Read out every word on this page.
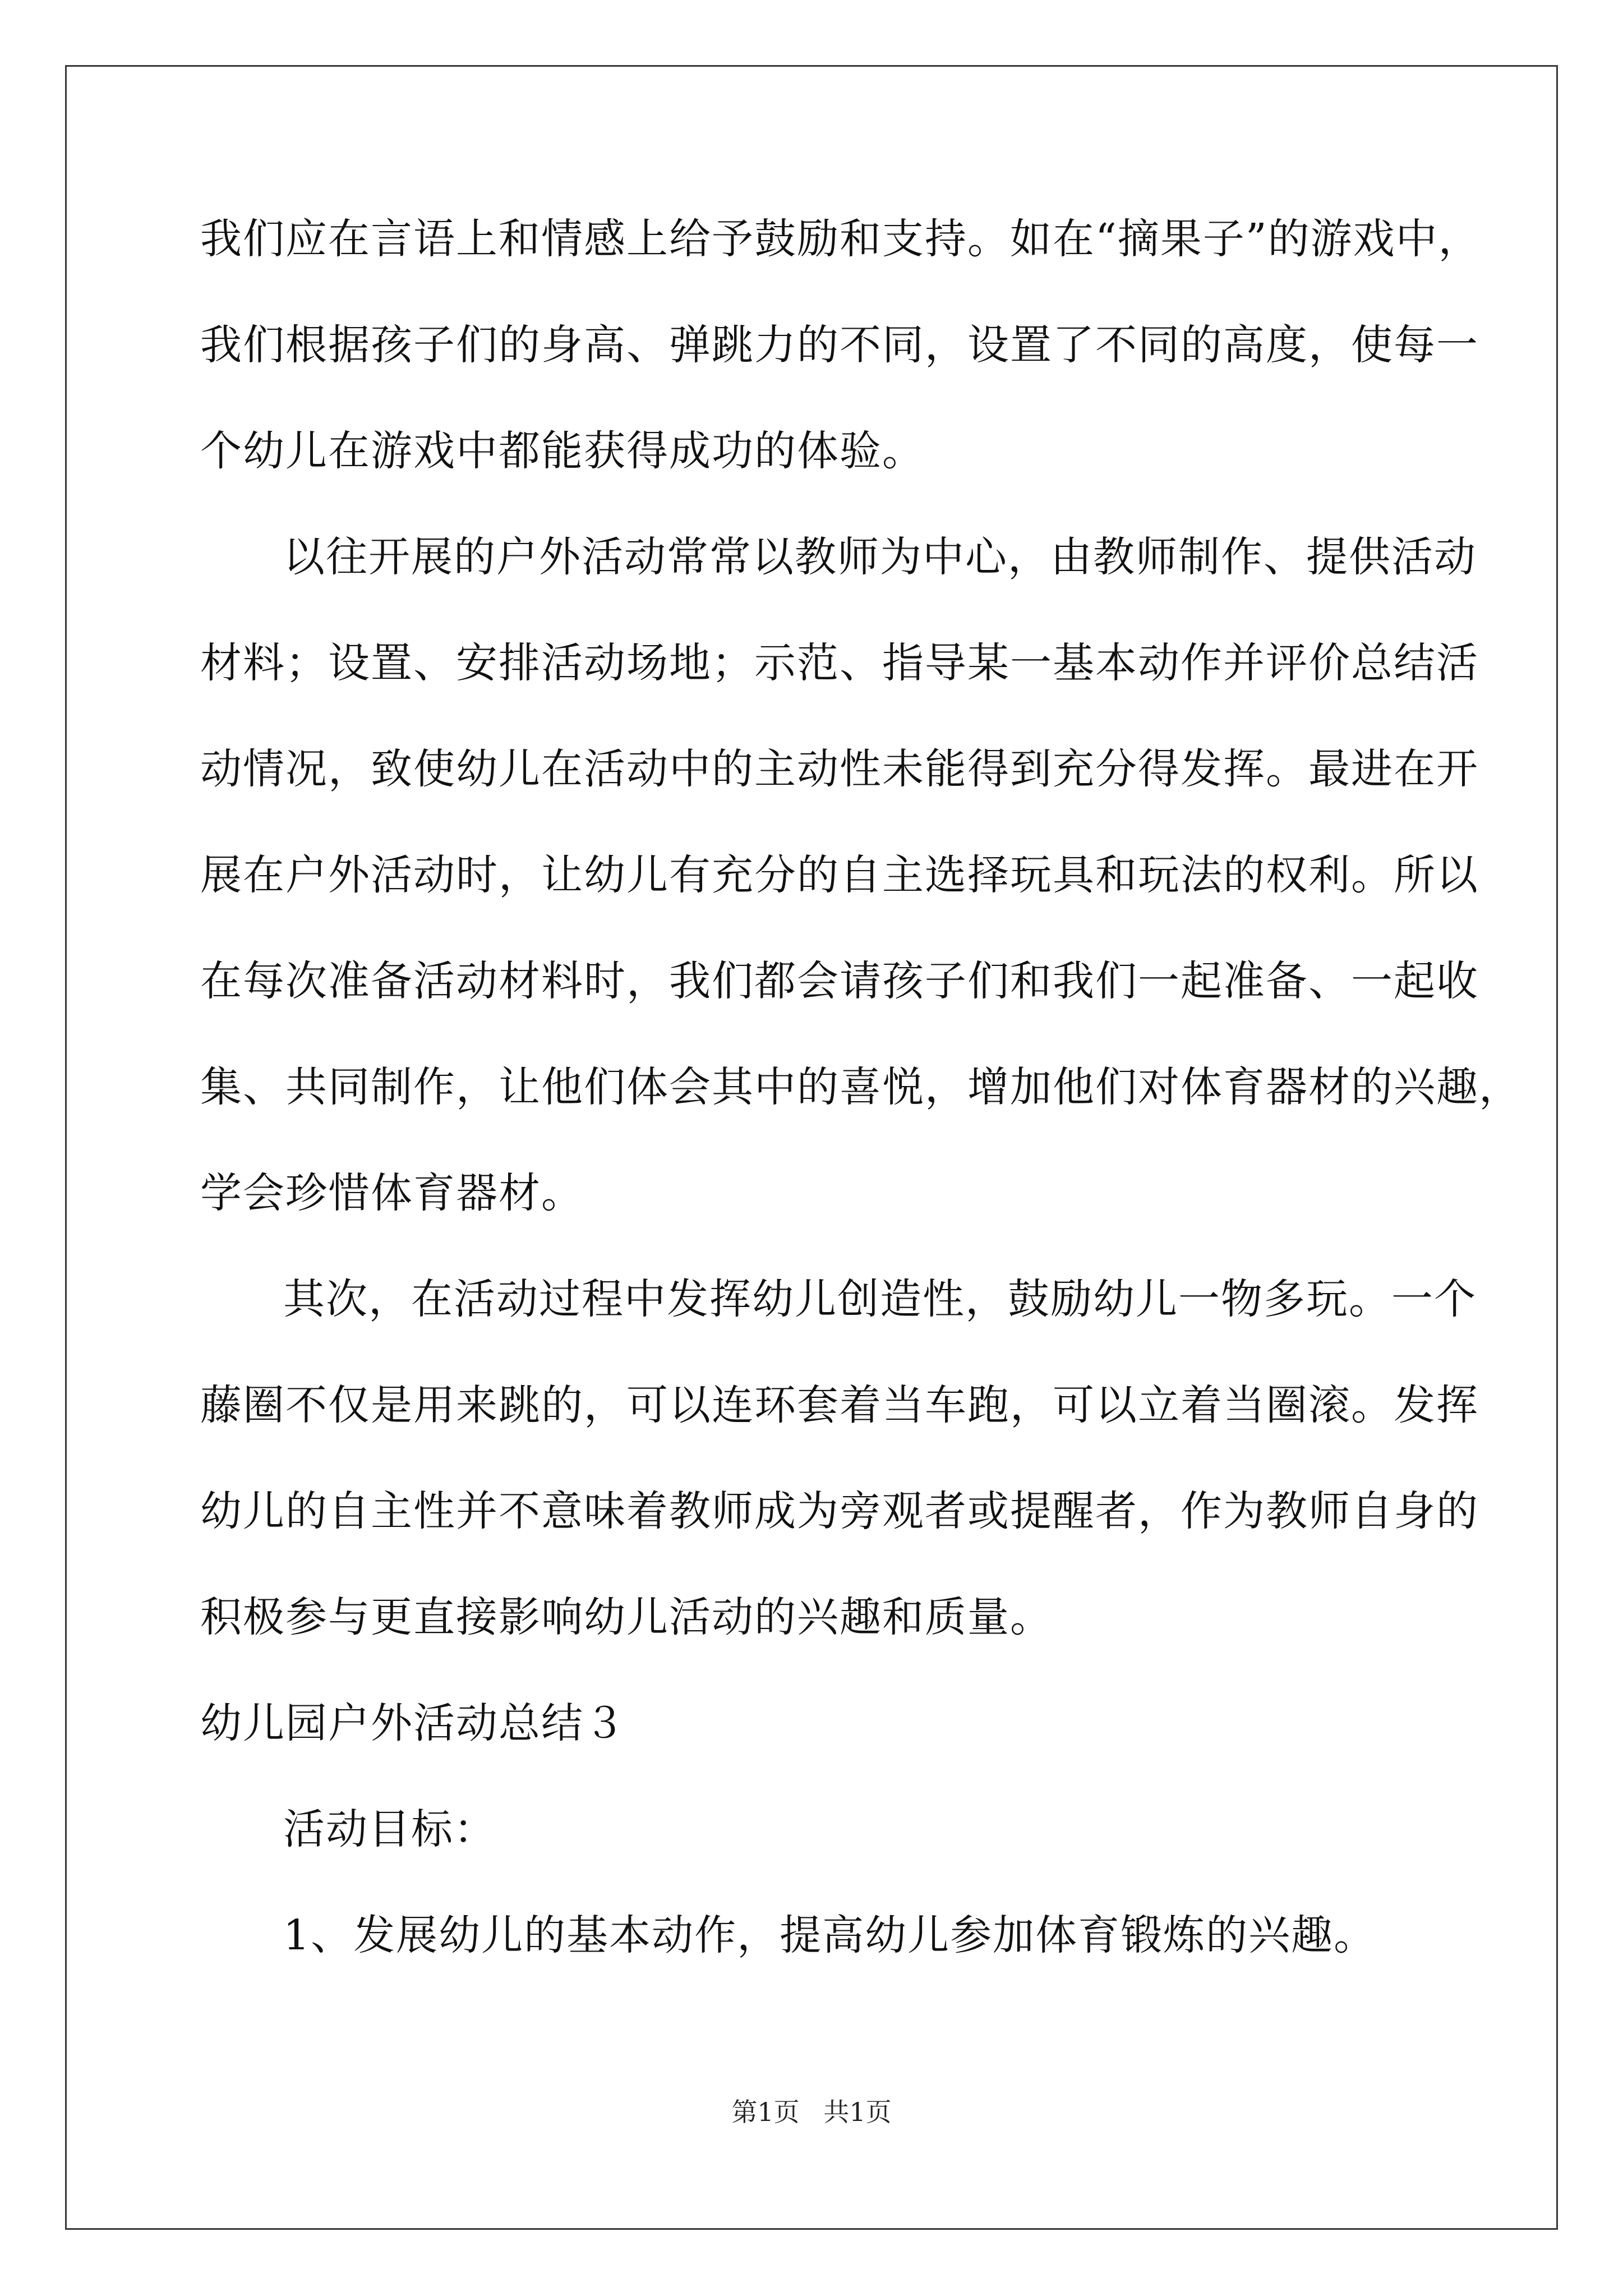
我们应在言语上和情感上给予鼓励和支持。如在“摘果子”的游戏中，
我们根据孩子们的身高、弹跳力的不同，设置了不同的高度，使每一
个幼儿在游戏中都能获得成功的体验。
以往开展的户外活动常常以教师为中心，由教师制作、提供活动
材料；设置、安排活动场地；示范、指导某一基本动作并评价总结活
动情况，致使幼儿在活动中的主动性未能得到充分得发挥。最进在开
展在户外活动时，让幼儿有充分的自主选择玩具和玩法的权利。所以
在每次准备活动材料时，我们都会请孩子们和我们一起准备、一起收
集、共同制作，让他们体会其中的喜悦，增加他们对体育器材的兴趣，
学会珍惜体育器材。
其次，在活动过程中发挥幼儿创造性，鼓励幼儿一物多玩。一个
藤圈不仅是用来跳的，可以连环套着当车跑，可以立着当圈滚。发挥
幼儿的自主性并不意味着教师成为旁观者或提醒者，作为教师自身的
积极参与更直接影响幼儿活动的兴趣和质量。
幼儿园户外活动总结３
活动目标：
1、发展幼儿的基本动作，提高幼儿参加体育锻炼的兴趣。
第1页 共1页
